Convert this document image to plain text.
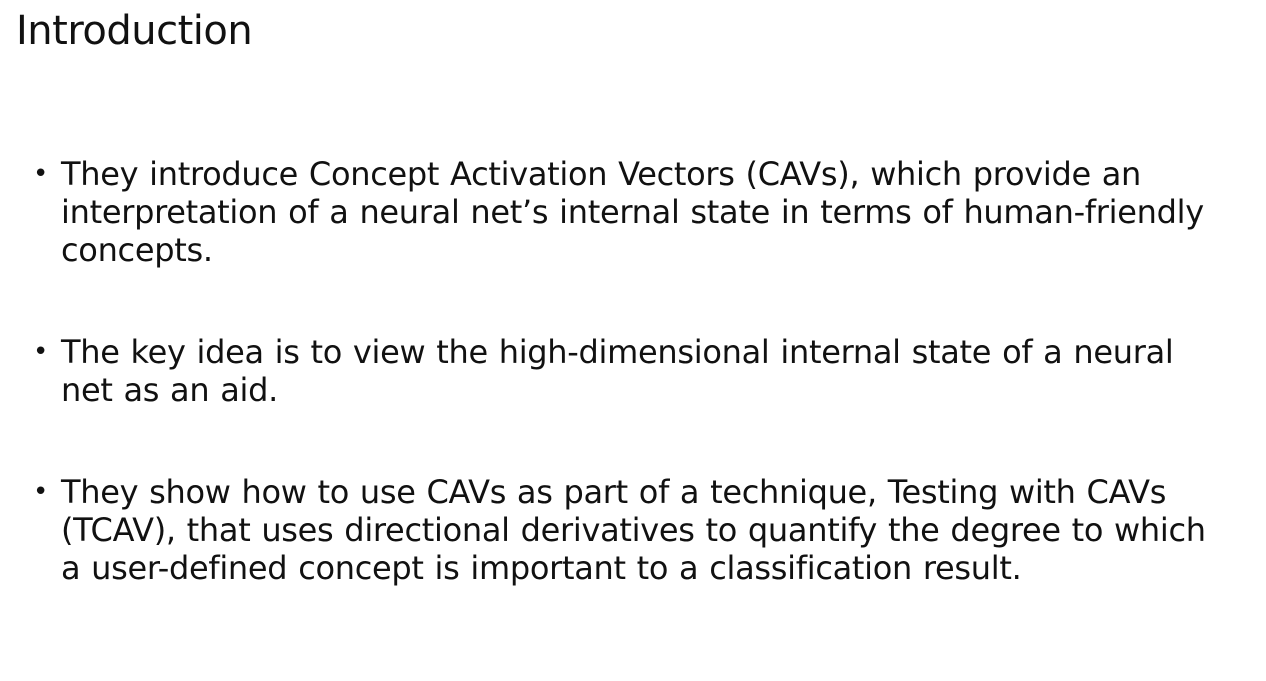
Introduction
• They introduce Concept Activation Vectors (CAVs), which provide an interpretation of a neural net’s internal state in terms of human-friendly concepts.
• The key idea is to view the high-dimensional internal state of a neural net as an aid.
• They show how to use CAVs as part of a technique, Testing with CAVs (TCAV), that uses directional derivatives to quantify the degree to which a user-defined concept is important to a classification result.
